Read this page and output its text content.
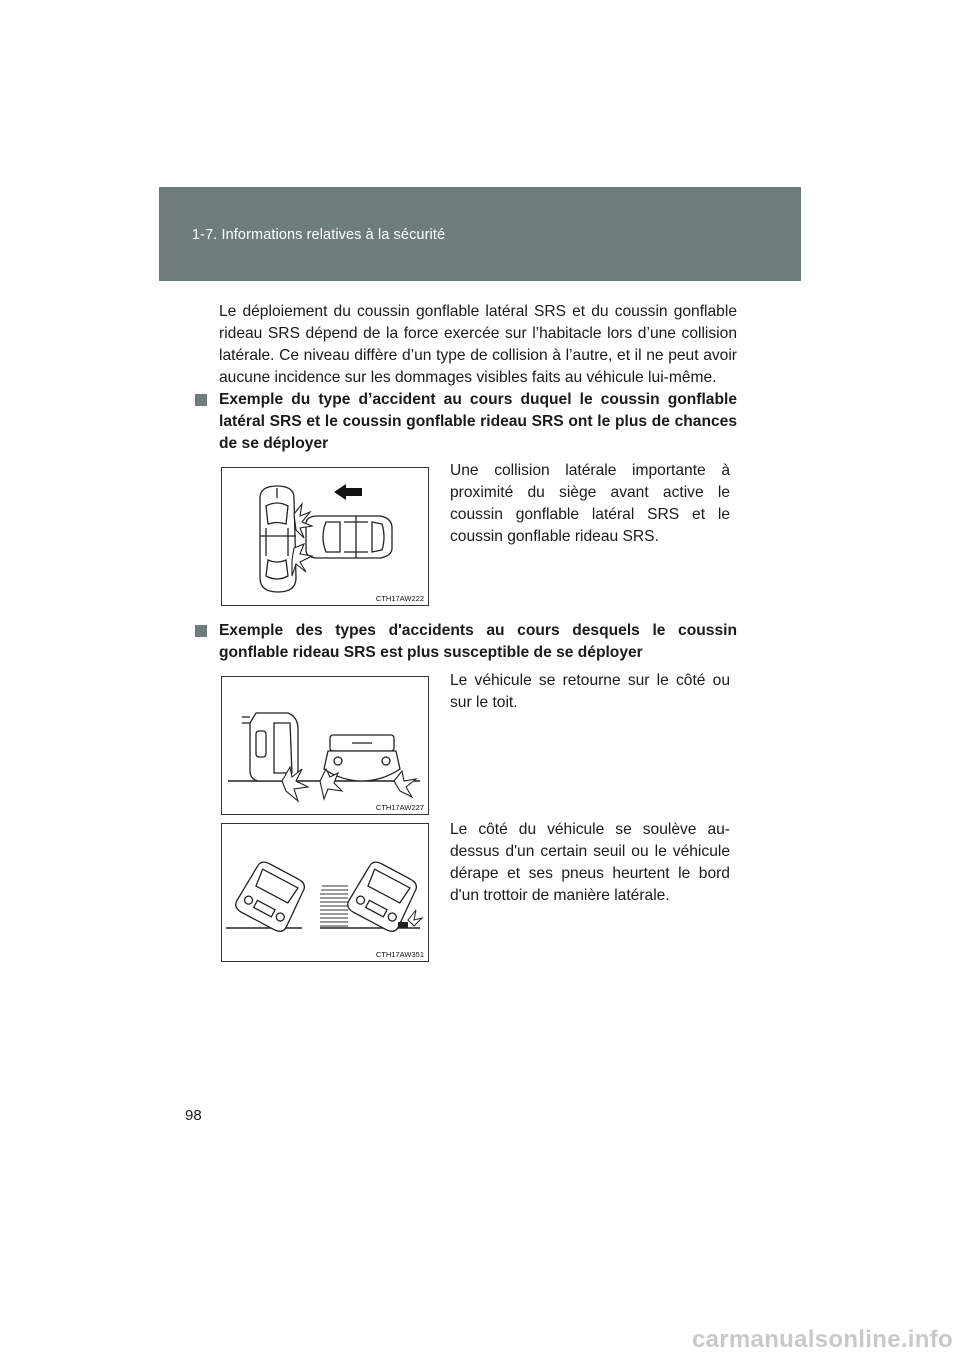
1-7. Informations relatives à la sécurité

Le déploiement du coussin gonflable latéral SRS et du coussin gonflable rideau SRS dépend de la force exercée sur l’habitacle lors d’une collision latérale. Ce niveau diffère d’un type de collision à l’autre, et il ne peut avoir aucune incidence sur les dommages visibles faits au véhicule lui-même.

Exemple du type d’accident au cours duquel le coussin gonflable latéral SRS et le coussin gonflable rideau SRS ont le plus de chances de se déployer
CTH17AW222

Une collision latérale importante à proximité du siège avant active le coussin gonflable latéral SRS et le coussin gonflable rideau SRS.

Exemple des types d'accidents au cours desquels le coussin gonflable rideau SRS est plus susceptible de se déployer
CTH17AW227

Le véhicule se retourne sur le côté ou sur le toit.

CTH17AW351

Le côté du véhicule se soulève au-dessus d'un certain seuil ou le véhicule dérape et ses pneus heurtent le bord d'un trottoir de manière latérale.

98
carmanualsonline.info
